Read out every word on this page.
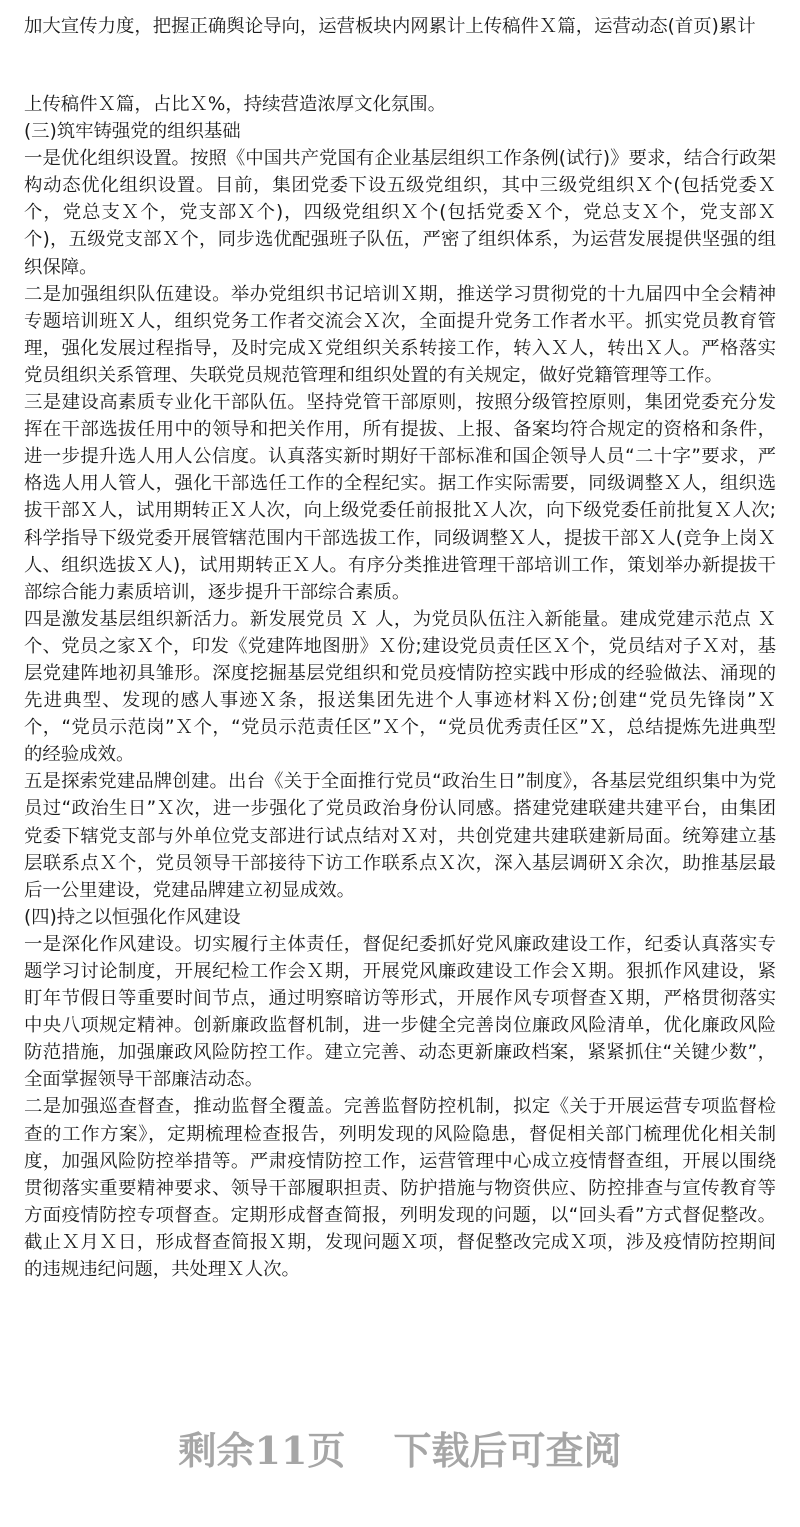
加大宣传力度，把握正确舆论导向，运营板块内网累计上传稿件Ｘ篇，运营动态(首页)累计

上传稿件Ｘ篇，占比Ｘ%，持续营造浓厚文化氛围。

(三)筑牢铸强党的组织基础

一是优化组织设置。按照《中国共产党国有企业基层组织工作条例(试行)》要求，结合行政架构动态优化组织设置。目前，集团党委下设五级党组织，其中三级党组织Ｘ个(包括党委Ｘ个，党总支Ｘ个，党支部Ｘ个)，四级党组织Ｘ个(包括党委Ｘ个，党总支Ｘ个，党支部Ｘ个)，五级党支部Ｘ个，同步选优配强班子队伍，严密了组织体系，为运营发展提供坚强的组织保障。

二是加强组织队伍建设。举办党组织书记培训Ｘ期，推送学习贯彻党的十九届四中全会精神专题培训班Ｘ人，组织党务工作者交流会Ｘ次，全面提升党务工作者水平。抓实党员教育管理，强化发展过程指导，及时完成Ｘ党组织关系转接工作，转入Ｘ人，转出Ｘ人。严格落实党员组织关系管理、失联党员规范管理和组织处置的有关规定，做好党籍管理等工作。

三是建设高素质专业化干部队伍。坚持党管干部原则，按照分级管控原则，集团党委充分发挥在干部选拔任用中的领导和把关作用，所有提拔、上报、备案均符合规定的资格和条件，进一步提升选人用人公信度。认真落实新时期好干部标准和国企领导人员“二十字”要求，严格选人用人管人，强化干部选任工作的全程纪实。据工作实际需要，同级调整Ｘ人，组织选拔干部Ｘ人，试用期转正Ｘ人次，向上级党委任前报批Ｘ人次，向下级党委任前批复Ｘ人次;科学指导下级党委开展管辖范围内干部选拔工作，同级调整Ｘ人，提拔干部Ｘ人(竞争上岗Ｘ人、组织选拔Ｘ人)，试用期转正Ｘ人。有序分类推进管理干部培训工作，策划举办新提拔干部综合能力素质培训，逐步提升干部综合素质。

四是激发基层组织新活力。新发展党员 Ｘ 人，为党员队伍注入新能量。建成党建示范点 Ｘ个、党员之家Ｘ个，印发《党建阵地图册》Ｘ份;建设党员责任区Ｘ个，党员结对子Ｘ对，基层党建阵地初具雏形。深度挖掘基层党组织和党员疫情防控实践中形成的经验做法、涌现的先进典型、发现的感人事迹Ｘ条，报送集团先进个人事迹材料Ｘ份;创建“党员先锋岗”Ｘ个，“党员示范岗”Ｘ个，“党员示范责任区”Ｘ个，“党员优秀责任区”Ｘ，总结提炼先进典型的经验成效。

五是探索党建品牌创建。出台《关于全面推行党员“政治生日”制度》，各基层党组织集中为党员过“政治生日”Ｘ次，进一步强化了党员政治身份认同感。搭建党建联建共建平台，由集团党委下辖党支部与外单位党支部进行试点结对Ｘ对，共创党建共建联建新局面。统筹建立基层联系点Ｘ个，党员领导干部接待下访工作联系点Ｘ次，深入基层调研Ｘ余次，助推基层最后一公里建设，党建品牌建立初显成效。

(四)持之以恒强化作风建设

一是深化作风建设。切实履行主体责任，督促纪委抓好党风廉政建设工作，纪委认真落实专题学习讨论制度，开展纪检工作会Ｘ期，开展党风廉政建设工作会Ｘ期。狠抓作风建设，紧盯年节假日等重要时间节点，通过明察暗访等形式，开展作风专项督查Ｘ期，严格贯彻落实中央八项规定精神。创新廉政监督机制，进一步健全完善岗位廉政风险清单，优化廉政风险防范措施，加强廉政风险防控工作。建立完善、动态更新廉政档案，紧紧抓住“关键少数”，全面掌握领导干部廉洁动态。

二是加强巡查督查，推动监督全覆盖。完善监督防控机制，拟定《关于开展运营专项监督检查的工作方案》，定期梳理检查报告，列明发现的风险隐患，督促相关部门梳理优化相关制度，加强风险防控举措等。严肃疫情防控工作，运营管理中心成立疫情督查组，开展以围绕贯彻落实重要精神要求、领导干部履职担责、防护措施与物资供应、防控排查与宣传教育等方面疫情防控专项督查。定期形成督查简报，列明发现的问题，以“回头看”方式督促整改。截止Ｘ月Ｘ日，形成督查简报Ｘ期，发现问题Ｘ项，督促整改完成Ｘ项，涉及疫情防控期间的违规违纪问题，共处理Ｘ人次。

剩余11页 下载后可查阅
